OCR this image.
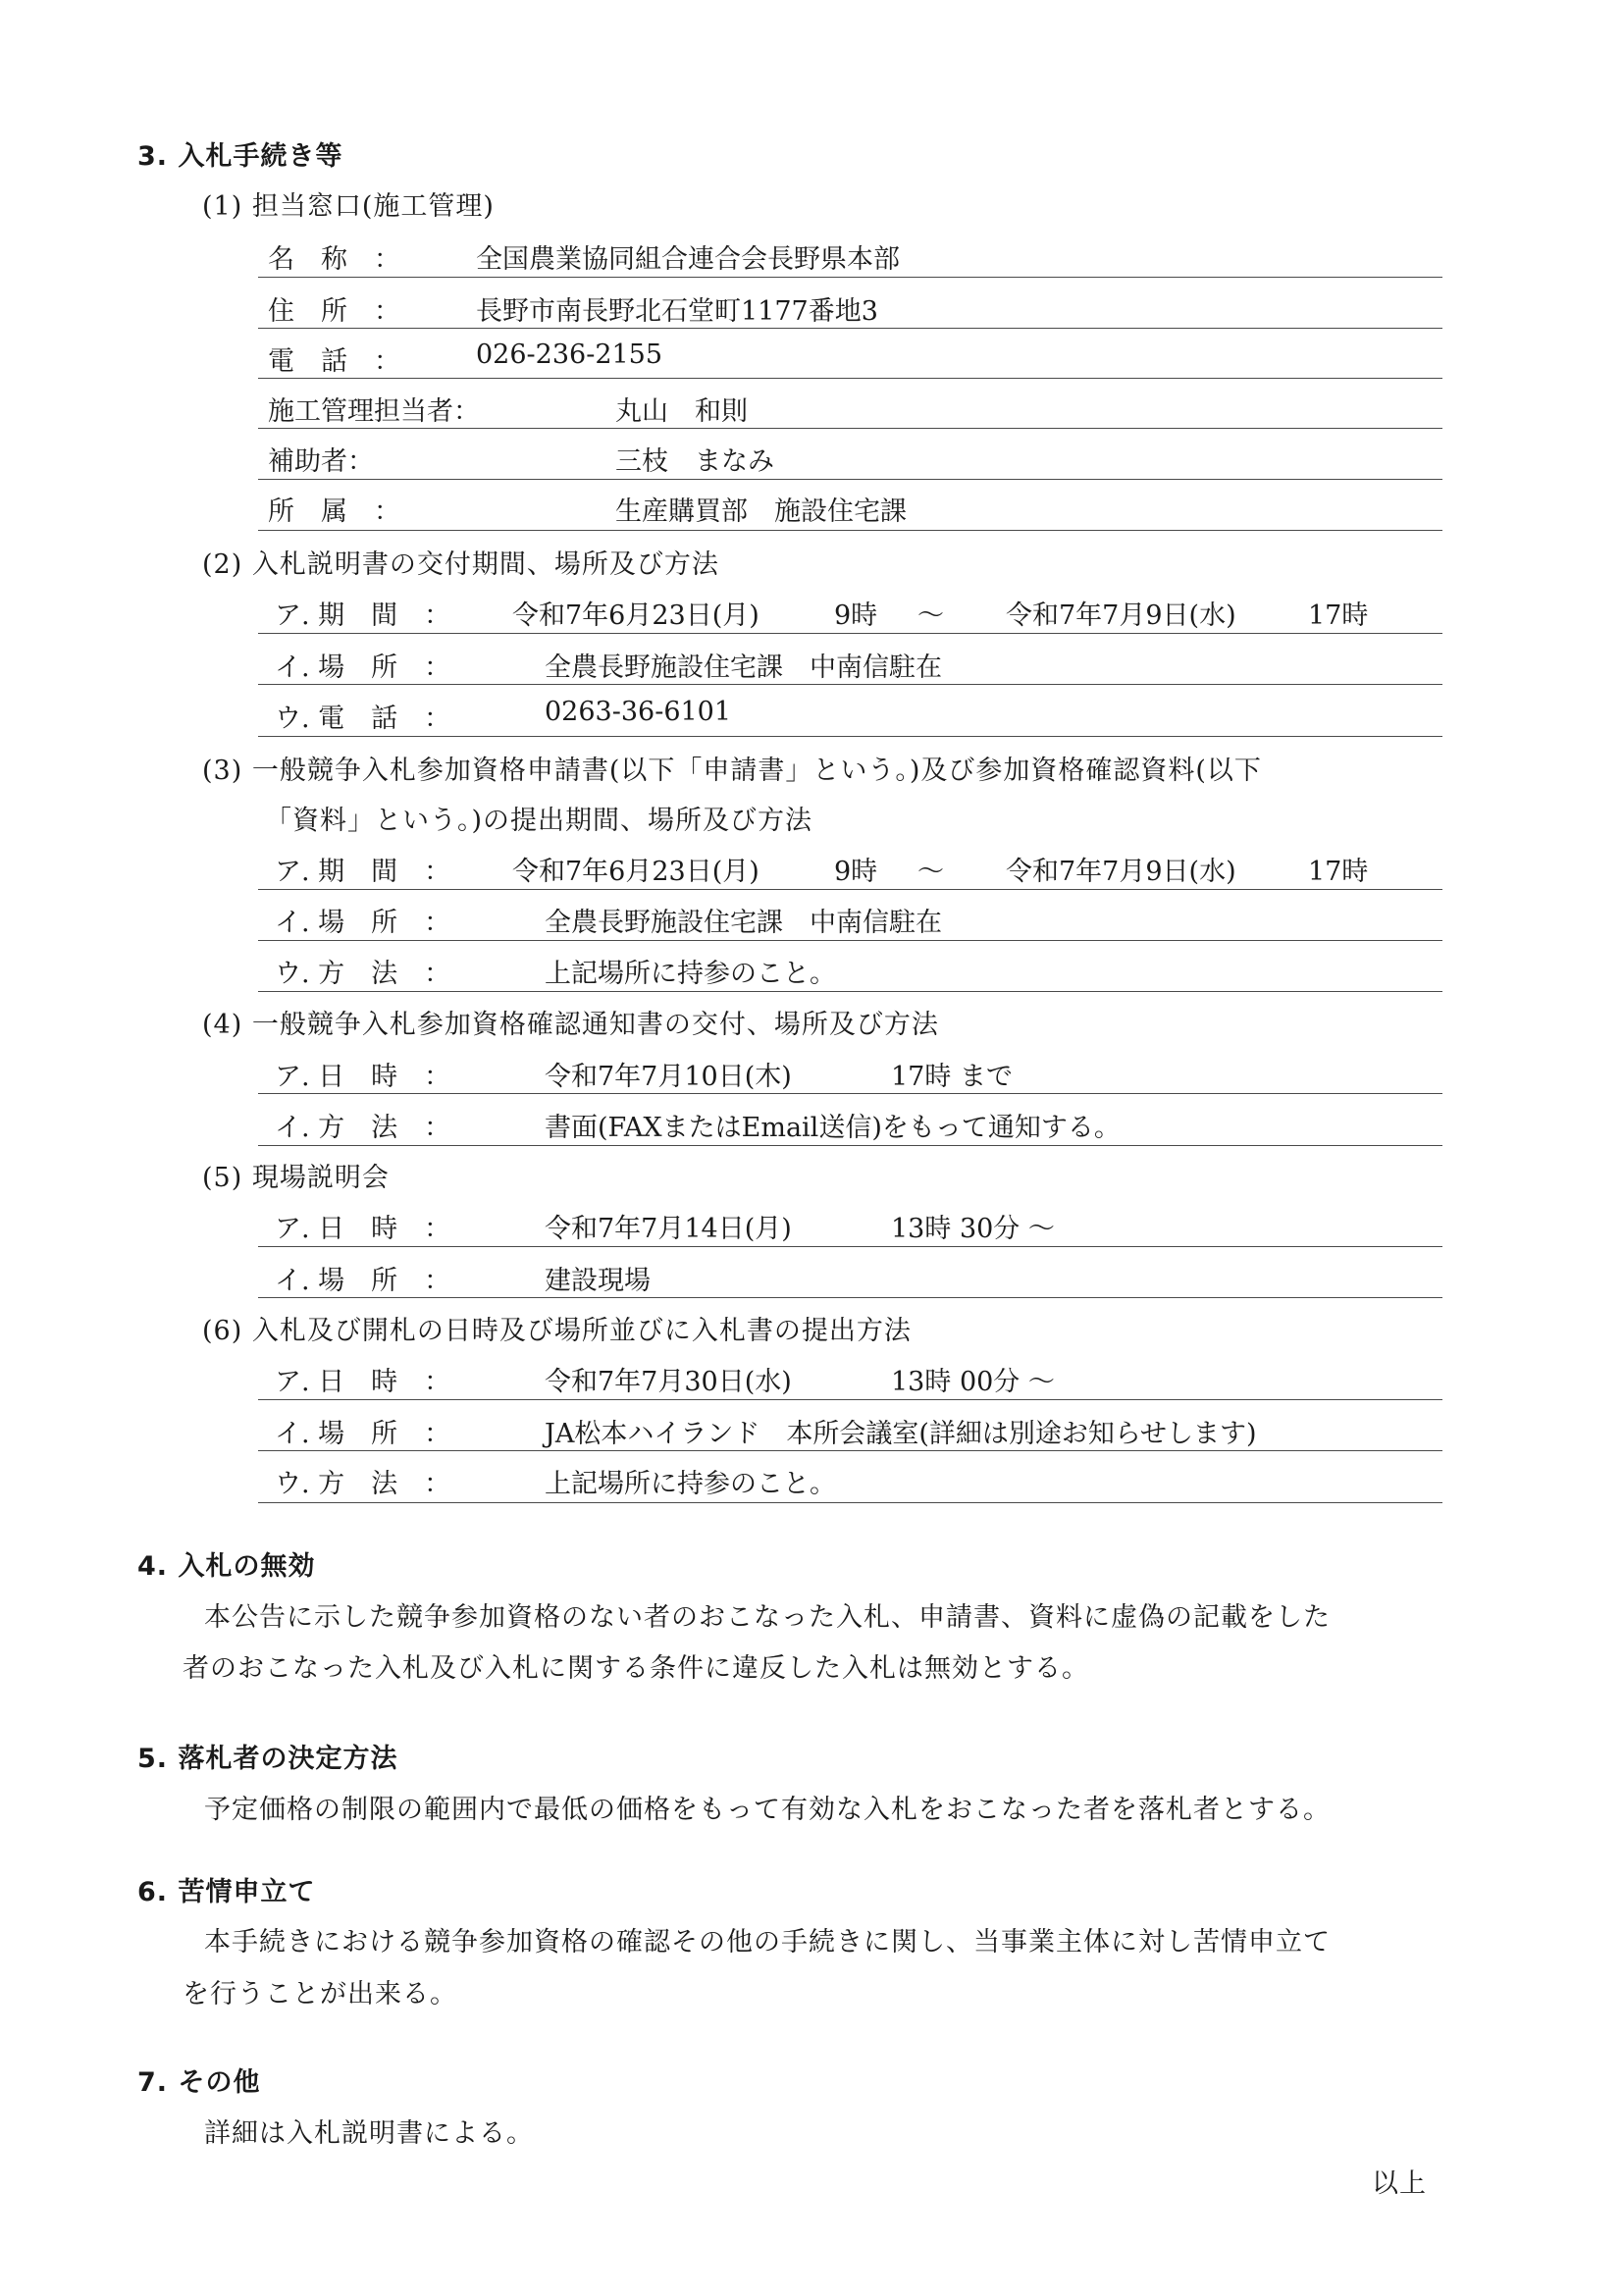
3. 入札手続き等
(1) 担当窓口(施工管理)
名　称　：	全国農業協同組合連合会長野県本部
住　所　：	長野市南長野北石堂町1177番地3
電　話　：	026-236-2155
施工管理担当者：	丸山　和則
補助者：	三枝　まなみ
所　属　：	生産購買部　施設住宅課
(2) 入札説明書の交付期間、場所及び方法
ア. 期　間　： 令和7年6月23日(月)	9時 ～ 令和7年7月9日(水)	17時
イ. 場　所　：	全農長野施設住宅課　中南信駐在
ウ. 電　話　：	0263-36-6101
(3) 一般競争入札参加資格申請書(以下「申請書」という。)及び参加資格確認資料(以下
「資料」という。)の提出期間、場所及び方法
ア. 期　間　： 令和7年6月23日(月)	9時 ～ 令和7年7月9日(水)	17時
イ. 場　所　：	全農長野施設住宅課　中南信駐在
ウ. 方　法　：	上記場所に持参のこと。
(4) 一般競争入札参加資格確認通知書の交付、場所及び方法
ア. 日　時　：	令和7年7月10日(木)	17時 まで
イ. 方　法　：	書面(FAXまたはEmail送信)をもって通知する。
(5) 現場説明会
ア. 日　時　：	令和7年7月14日(月)	13時 30分 ～
イ. 場　所　：	建設現場
(6) 入札及び開札の日時及び場所並びに入札書の提出方法
ア. 日　時　：	令和7年7月30日(水)	13時 00分 ～
イ. 場　所　：	JA松本ハイランド　本所会議室(詳細は別途お知らせします)
ウ. 方　法　：	上記場所に持参のこと。
4. 入札の無効
本公告に示した競争参加資格のない者のおこなった入札、申請書、資料に虚偽の記載をした
者のおこなった入札及び入札に関する条件に違反した入札は無効とする。
5. 落札者の決定方法
予定価格の制限の範囲内で最低の価格をもって有効な入札をおこなった者を落札者とする。
6. 苦情申立て
本手続きにおける競争参加資格の確認その他の手続きに関し、当事業主体に対し苦情申立て
を行うことが出来る。
7. その他
詳細は入札説明書による。
以上
